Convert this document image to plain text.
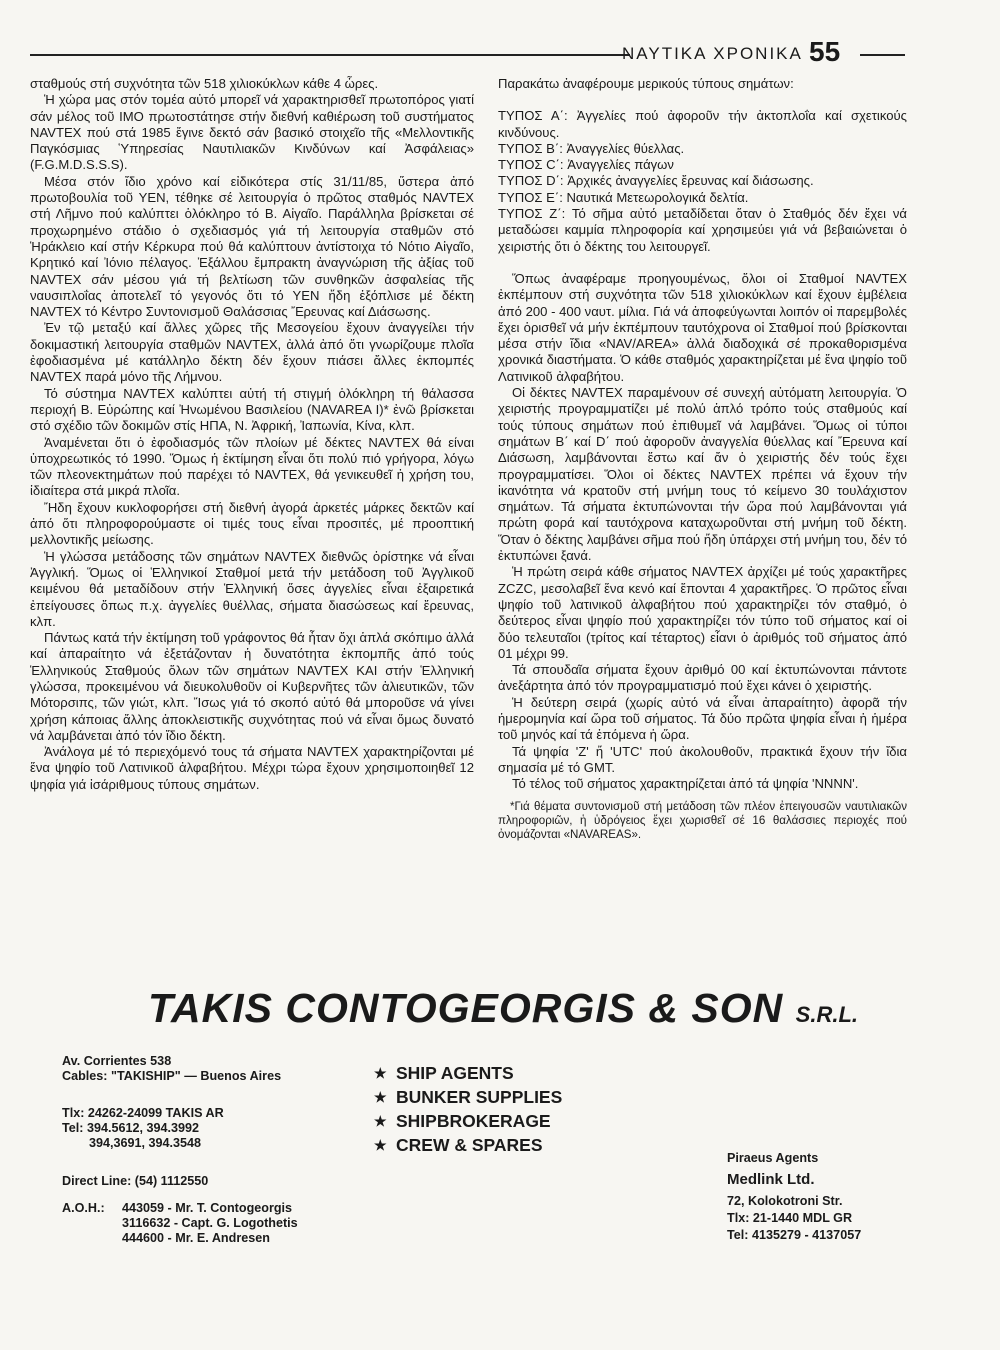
ΝΑΥΤΙΚΑ ΧΡΟΝΙΚΑ 55

σταθμούς στή συχνότητα τῶν 518 χιλιοκύκλων κάθε 4 ὧρες.

Ἡ χώρα μας στόν τομέα αὐτό μπορεῖ νά χαρακτηρισθεῖ πρωτοπόρος γιατί σάν μέλος τοῦ ΙΜΟ πρωτοστάτησε στήν διεθνή καθιέρωση τοῦ συστήματος NAVTEX πού στά 1985 ἔγινε δεκτό σάν βασικό στοιχεῖο τῆς «Μελλοντικῆς Παγκόσμιας Ὑπηρεσίας Ναυτιλιακῶν Κινδύνων καί Ἀσφάλειας» (F.G.M.D.S.S.S).

Μέσα στόν ἴδιο χρόνο καί εἰδικότερα στίς 31/11/85, ὕστερα ἀπό πρωτοβουλία τοῦ ΥΕΝ, τέθηκε σέ λειτουργία ὁ πρῶτος σταθμός NAVTEX στή Λῆμνο πού καλύπτει ὁλόκληρο τό Β. Αἰγαῖο. Παράλληλα βρίσκεται σέ προχωρημένο στάδιο ὁ σχεδιασμός γιά τή λειτουργία σταθμῶν στό Ἡράκλειο καί στήν Κέρκυρα πού θά καλύπτουν ἀντίστοιχα τό Νότιο Αἰγαῖο, Κρητικό καί Ἰόνιο πέλαγος. Ἐξάλλου ἔμπρακτη ἀναγνώριση τῆς ἀξίας τοῦ NAVTEX σάν μέσου γιά τή βελτίωση τῶν συνθηκῶν ἀσφαλείας τῆς ναυσιπλοΐας ἀποτελεῖ τό γεγονός ὅτι τό ΥΕΝ ἤδη ἐξόπλισε μέ δέκτη NAVTEX τό Κέντρο Συντονισμοῦ Θαλάσσιας Ἔρευνας καί Διάσωσης.

Ἐν τῷ μεταξύ καί ἄλλες χῶρες τῆς Μεσογείου ἔχουν ἀναγγείλει τήν δοκιμαστική λειτουργία σταθμῶν NAVTEX, ἀλλά ἀπό ὅτι γνωρίζουμε πλοῖα ἐφοδιασμένα μέ κατάλληλο δέκτη δέν ἔχουν πιάσει ἄλλες ἐκπομπές NAVTEX παρά μόνο τῆς Λήμνου.

Τό σύστημα NAVTEX καλύπτει αὐτή τή στιγμή ὁλόκληρη τή θάλασσα περιοχή Β. Εὐρώπης καί Ἠνωμένου Βασιλείου (NAVAREA I)* ἐνῶ βρίσκεται στό σχέδιο τῶν δοκιμῶν στίς ΗΠΑ, Ν. Ἀφρική, Ἰαπωνία, Κίνα, κλπ.

Ἀναμένεται ὅτι ὁ ἐφοδιασμός τῶν πλοίων μέ δέκτες NAVTEX θά είναι ὑποχρεωτικός τό 1990. Ὅμως ἡ ἐκτίμηση εἶναι ὅτι πολύ πιό γρήγορα, λόγω τῶν πλεονεκτημάτων πού παρέχει τό NAVTEX, θά γενικευθεῖ ἡ χρήση του, ἰδιαίτερα στά μικρά πλοῖα.

Ἤδη ἔχουν κυκλοφορήσει στή διεθνή ἀγορά ἀρκετές μάρκες δεκτῶν καί ἀπό ὅτι πληροφορούμαστε οἱ τιμές τους εἶναι προσιτές, μέ προοπτική μελλοντικῆς μείωσης.

Ἡ γλώσσα μετάδοσης τῶν σημάτων NAVTEX διεθνῶς ὁρίστηκε νά εἶναι Ἀγγλική. Ὅμως οἱ Ἑλληνικοί Σταθμοί μετά τήν μετάδοση τοῦ Ἀγγλικοῦ κειμένου θά μεταδίδουν στήν Ἑλληνική ὅσες ἀγγελίες εἶναι ἐξαιρετικά ἐπείγουσες ὅπως π.χ. ἀγγελίες θυέλλας, σήματα διασώσεως καί ἔρευνας, κλπ.

Πάντως κατά τήν ἐκτίμηση τοῦ γράφοντος θά ἦταν ὄχι ἁπλά σκόπιμο ἀλλά καί ἀπαραίτητο νά ἐξετάζονταν ἡ δυνατότητα ἐκπομπῆς ἀπό τούς Ἑλληνικούς Σταθμούς ὅλων τῶν σημάτων NAVTEX ΚΑΙ στήν Ἑλληνική γλώσσα, προκειμένου νά διευκολυθοῦν οἱ Κυβερνῆτες τῶν ἁλιευτικῶν, τῶν Μότορσιπς, τῶν γιώτ, κλπ. Ἴσως γιά τό σκοπό αὐτό θά μποροῦσε νά γίνει χρήση κάποιας ἄλλης ἀποκλειστικῆς συχνότητας πού νά εἶναι ὅμως δυνατό νά λαμβάνεται ἀπό τόν ἴδιο δέκτη.

Ἀνάλογα μέ τό περιεχόμενό τους τά σήματα NAVTEX χαρακτηρίζονται μέ ἕνα ψηφίο τοῦ Λατινικοῦ ἀλφαβήτου. Μέχρι τώρα ἔχουν χρησιμοποιηθεῖ 12 ψηφία γιά ἰσάριθμους τύπους σημάτων.

Παρακάτω ἀναφέρουμε μερικούς τύπους σημάτων:

ΤΥΠΟΣ Α΄: Ἀγγελίες πού ἀφοροῦν τήν ἀκτοπλοΐα καί σχετικούς κινδύνους.

ΤΥΠΟΣ Β΄: Ἀναγγελίες θύελλας.

ΤΥΠΟΣ C΄: Ἀναγγελίες πάγων

ΤΥΠΟΣ D΄: Ἀρχικές ἀναγγελίες ἔρευνας καί διάσωσης.

ΤΥΠΟΣ Ε΄: Ναυτικά Μετεωρολογικά δελτία.

ΤΥΠΟΣ Ζ΄: Τό σῆμα αὐτό μεταδίδεται ὅταν ὁ Σταθμός δέν ἔχει νά μεταδώσει καμμία πληροφορία καί χρησιμεύει γιά νά βεβαιώνεται ὁ χειριστής ὅτι ὁ δέκτης του λειτουργεῖ.

Ὅπως ἀναφέραμε προηγουμένως, ὅλοι οἱ Σταθμοί NAVTEX ἐκπέμπουν στή συχνότητα τῶν 518 χιλιοκύκλων καί ἔχουν ἐμβέλεια ἀπό 200 - 400 ναυτ. μίλια. Γιά νά ἀποφεύγωνται λοιπόν οἱ παρεμβολές ἔχει ὁρισθεῖ νά μήν ἐκπέμπουν ταυτόχρονα οἱ Σταθμοί πού βρίσκονται μέσα στήν ἴδια «NAV/AREA» ἀλλά διαδοχικά σέ προκαθορισμένα χρονικά διαστήματα. Ὁ κάθε σταθμός χαρακτηρίζεται μέ ἕνα ψηφίο τοῦ Λατινικοῦ ἀλφαβήτου.

Οἱ δέκτες NAVTEX παραμένουν σέ συνεχή αὐτόματη λειτουργία. Ὁ χειριστής προγραμματίζει μέ πολύ ἁπλό τρόπο τούς σταθμούς καί τούς τύπους σημάτων πού ἐπιθυμεῖ νά λαμβάνει. Ὅμως οἱ τύποι σημάτων Β΄ καί D΄ πού ἀφοροῦν ἀναγγελία θύελλας καί Ἔρευνα καί Διάσωση, λαμβάνονται ἔστω καί ἄν ὁ χειριστής δέν τούς ἔχει προγραμματίσει. Ὅλοι οἱ δέκτες NAVTEX πρέπει νά ἔχουν τήν ἱκανότητα νά κρατοῦν στή μνήμη τους τό κείμενο 30 τουλάχιστον σημάτων. Τά σήματα ἐκτυπώνονται τήν ὥρα πού λαμβάνονται γιά πρώτη φορά καί ταυτόχρονα καταχωροῦνται στή μνήμη τοῦ δέκτη. Ὅταν ὁ δέκτης λαμβάνει σῆμα πού ἤδη ὑπάρχει στή μνήμη του, δέν τό ἐκτυπώνει ξανά.

Ἡ πρώτη σειρά κάθε σήματος NAVTEX ἀρχίζει μέ τούς χαρακτῆρες ZCZC, μεσολαβεῖ ἕνα κενό καί ἕπονται 4 χαρακτῆρες. Ὁ πρῶτος εἶναι ψηφίο τοῦ λατινικοῦ ἀλφαβήτου πού χαρακτηρίζει τόν σταθμό, ὁ δεύτερος εἶναι ψηφίο πού χαρακτηρίζει τόν τύπο τοῦ σήματος καί οἱ δύο τελευταῖοι (τρίτος καί τέταρτος) εἶανι ὁ ἀριθμός τοῦ σήματος ἀπό 01 μέχρι 99.

Τά σπουδαῖα σήματα ἔχουν ἀριθμό 00 καί ἐκτυπώνονται πάντοτε ἀνεξάρτητα ἀπό τόν προγραμματισμό πού ἔχει κάνει ὁ χειριστής.

Ἡ δεύτερη σειρά (χωρίς αὐτό νά εἶναι ἀπαραίτητο) ἀφορᾶ τήν ἡμερομηνία καί ὥρα τοῦ σήματος. Τά δύο πρῶτα ψηφία εἶναι ἡ ἡμέρα τοῦ μηνός καί τά ἑπόμενα ἡ ὥρα.

Τά ψηφία 'Ζ' ἤ 'UTC' πού ἀκολουθοῦν, πρακτικά ἔχουν τήν ἴδια σημασία μέ τό GMT.

Τό τέλος τοῦ σήματος χαρακτηρίζεται ἀπό τά ψηφία 'ΝΝΝΝ'.

*Γιά θέματα συντονισμοῦ στή μετάδοση τῶν πλέον ἐπειγουσῶν ναυτιλιακῶν πληροφοριῶν, ἡ ὑδρόγειος ἔχει χωρισθεῖ σέ 16 θαλάσσιες περιοχές πού ὀνομάζονται «NAVAREAS».

TAKIS CONTOGEORGIS & SON S.R.L.
Av. Corrientes 538
Cables: "TAKISHIP" — Buenos Aires
Tlx: 24262-24099 TAKIS AR
Tel: 394.5612, 394.3992
394,3691, 394.3548
Direct Line: (54) 1112550
A.O.H.:	443059 - Mr. T. Contogeorgis
3116632 - Capt. G. Logothetis
444600 - Mr. E. Andresen
★ SHIP AGENTS
★ BUNKER SUPPLIES
★ SHIPBROKERAGE
★ CREW & SPARES
Piraeus Agents
Medlink Ltd.
72, Kolokotroni Str.
Tlx: 21-1440 MDL GR
Tel: 4135279 - 4137057
